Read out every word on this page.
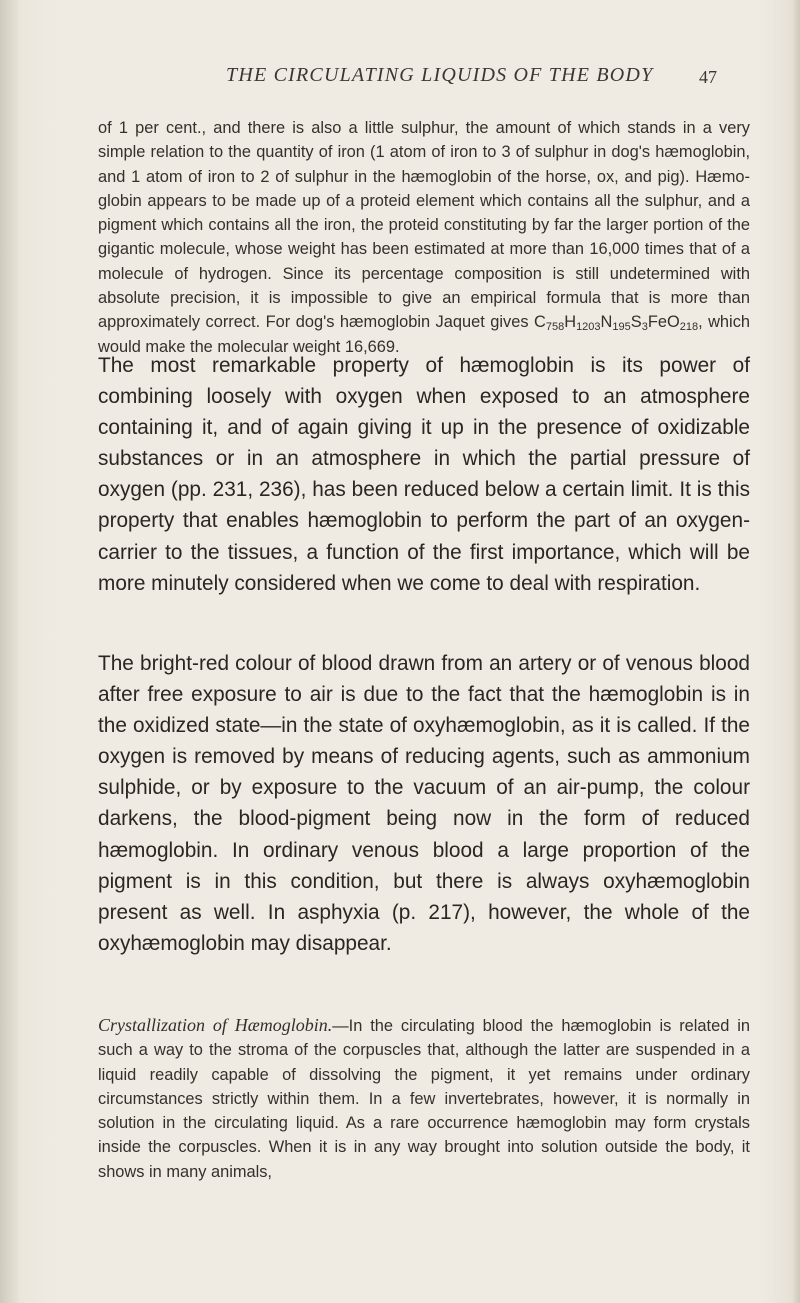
THE CIRCULATING LIQUIDS OF THE BODY	47

of 1 per cent., and there is also a little sulphur, the amount of which stands in a very simple relation to the quantity of iron (1 atom of iron to 3 of sulphur in dog's hæmoglobin, and 1 atom of iron to 2 of sulphur in the hæmoglobin of the horse, ox, and pig). Hæmoglobin appears to be made up of a proteid element which contains all the sulphur, and a pigment which contains all the iron, the proteid constituting by far the larger portion of the gigantic molecule, whose weight has been estimated at more than 16,000 times that of a molecule of hydrogen. Since its percentage composition is still undetermined with absolute precision, it is impossible to give an empirical formula that is more than approximately correct. For dog's hæmoglobin Jaquet gives $C_{758}H_{1203}N_{195}S_3FeO_{218}$, which would make the molecular weight 16,669.

The most remarkable property of hæmoglobin is its power of combining loosely with oxygen when exposed to an atmosphere containing it, and of again giving it up in the presence of oxidizable substances or in an atmosphere in which the partial pressure of oxygen (pp. 231, 236), has been reduced below a certain limit. It is this property that enables hæmoglobin to perform the part of an oxygen-carrier to the tissues, a function of the first importance, which will be more minutely considered when we come to deal with respiration.

The bright-red colour of blood drawn from an artery or of venous blood after free exposure to air is due to the fact that the hæmoglobin is in the oxidized state—in the state of oxyhæmoglobin, as it is called. If the oxygen is removed by means of reducing agents, such as ammonium sulphide, or by exposure to the vacuum of an air-pump, the colour darkens, the blood-pigment being now in the form of reduced hæmoglobin. In ordinary venous blood a large proportion of the pigment is in this condition, but there is always oxyhæmoglobin present as well. In asphyxia (p. 217), however, the whole of the oxyhæmoglobin may disappear.

Crystallization of Hæmoglobin.—In the circulating blood the hæmoglobin is related in such a way to the stroma of the corpuscles that, although the latter are suspended in a liquid readily capable of dissolving the pigment, it yet remains under ordinary circumstances strictly within them. In a few invertebrates, however, it is normally in solution in the circulating liquid. As a rare occurrence hæmoglobin may form crystals inside the corpuscles. When it is in any way brought into solution outside the body, it shows in many animals,
